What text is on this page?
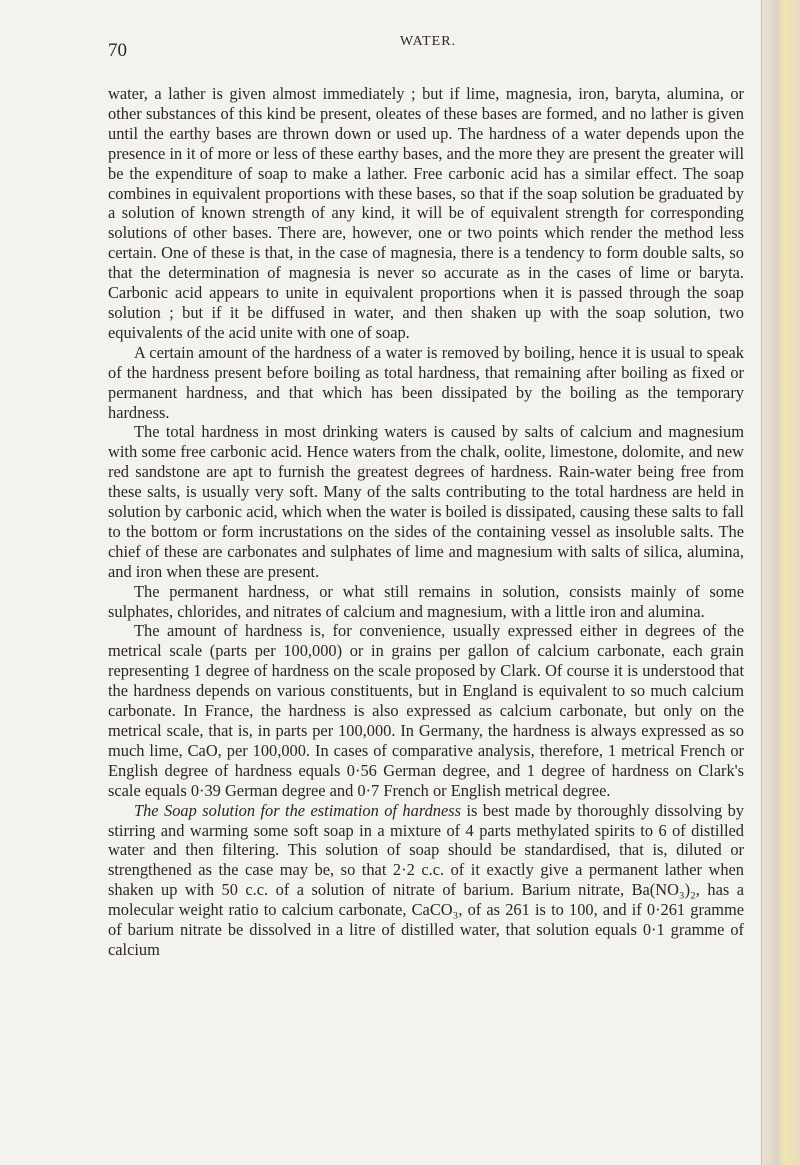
70	WATER.

water, a lather is given almost immediately ; but if lime, magnesia, iron, baryta, alumina, or other substances of this kind be present, oleates of these bases are formed, and no lather is given until the earthy bases are thrown down or used up. The hardness of a water depends upon the presence in it of more or less of these earthy bases, and the more they are present the greater will be the expenditure of soap to make a lather. Free carbonic acid has a similar effect. The soap combines in equivalent proportions with these bases, so that if the soap solution be graduated by a solution of known strength of any kind, it will be of equivalent strength for corresponding solutions of other bases. There are, however, one or two points which render the method less certain. One of these is that, in the case of magnesia, there is a tendency to form double salts, so that the determination of magnesia is never so accurate as in the cases of lime or baryta. Carbonic acid appears to unite in equivalent proportions when it is passed through the soap solution ; but if it be diffused in water, and then shaken up with the soap solution, two equivalents of the acid unite with one of soap.

A certain amount of the hardness of a water is removed by boiling, hence it is usual to speak of the hardness present before boiling as total hardness, that remaining after boiling as fixed or permanent hardness, and that which has been dissipated by the boiling as the temporary hardness.

The total hardness in most drinking waters is caused by salts of calcium and magnesium with some free carbonic acid. Hence waters from the chalk, oolite, limestone, dolomite, and new red sandstone are apt to furnish the greatest degrees of hardness. Rain-water being free from these salts, is usually very soft. Many of the salts contributing to the total hardness are held in solution by carbonic acid, which when the water is boiled is dissipated, causing these salts to fall to the bottom or form incrustations on the sides of the containing vessel as insoluble salts. The chief of these are carbonates and sulphates of lime and magnesium with salts of silica, alumina, and iron when these are present.

The permanent hardness, or what still remains in solution, consists mainly of some sulphates, chlorides, and nitrates of calcium and magnesium, with a little iron and alumina.

The amount of hardness is, for convenience, usually expressed either in degrees of the metrical scale (parts per 100,000) or in grains per gallon of calcium carbonate, each grain representing 1 degree of hardness on the scale proposed by Clark. Of course it is understood that the hardness depends on various constituents, but in England is equivalent to so much calcium carbonate. In France, the hardness is also expressed as calcium carbonate, but only on the metrical scale, that is, in parts per 100,000. In Germany, the hardness is always expressed as so much lime, CaO, per 100,000. In cases of comparative analysis, therefore, 1 metrical French or English degree of hardness equals 0·56 German degree, and 1 degree of hardness on Clark's scale equals 0·39 German degree and 0·7 French or English metrical degree.

The Soap solution for the estimation of hardness is best made by thoroughly dissolving by stirring and warming some soft soap in a mixture of 4 parts methylated spirits to 6 of distilled water and then filtering. This solution of soap should be standardised, that is, diluted or strengthened as the case may be, so that 2·2 c.c. of it exactly give a permanent lather when shaken up with 50 c.c. of a solution of nitrate of barium. Barium nitrate, Ba(NO₃)₂, has a molecular weight ratio to calcium carbonate, CaCO₃, of as 261 is to 100, and if 0·261 gramme of barium nitrate be dissolved in a litre of distilled water, that solution equals 0·1 gramme of calcium
